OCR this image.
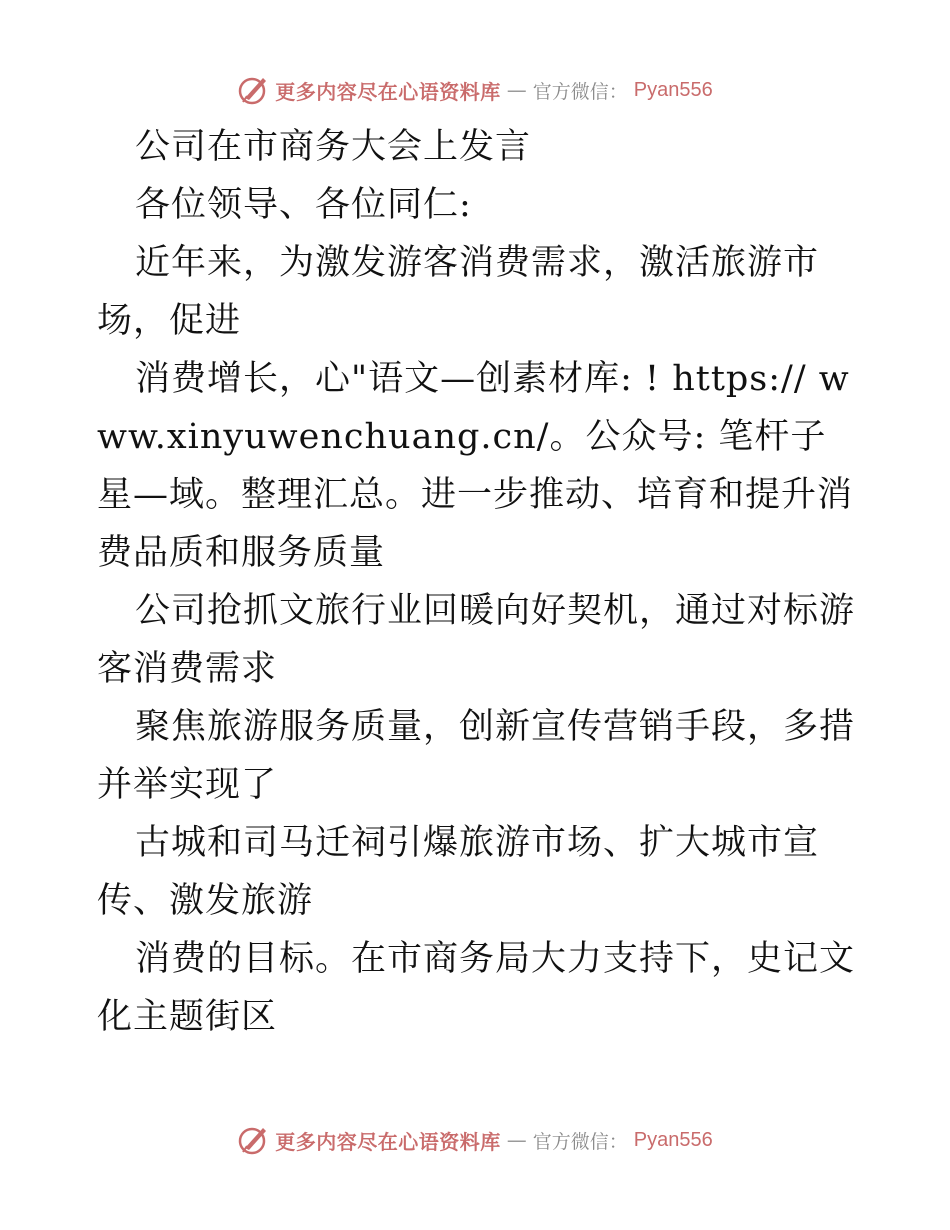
更多内容尽在心语资料库 — 官方微信： Pyan556

公司在市商务大会上发言

各位领导、各位同仁:

近年来，为激发游客消费需求，激活旅游市场，促进

消费增长，心"语文—创素材库: ! https:// www.xinyuwenchuang.cn/。公众号: 笔杆子星—域。整理汇总。进一步推动、培育和提升消费品质和服务质量

公司抢抓文旅行业回暖向好契机，通过对标游客消费需求

聚焦旅游服务质量，创新宣传营销手段，多措并举实现了

古城和司马迁祠引爆旅游市场、扩大城市宣传、激发旅游

消费的目标。在市商务局大力支持下，史记文化主题街区

更多内容尽在心语资料库 — 官方微信： Pyan556
